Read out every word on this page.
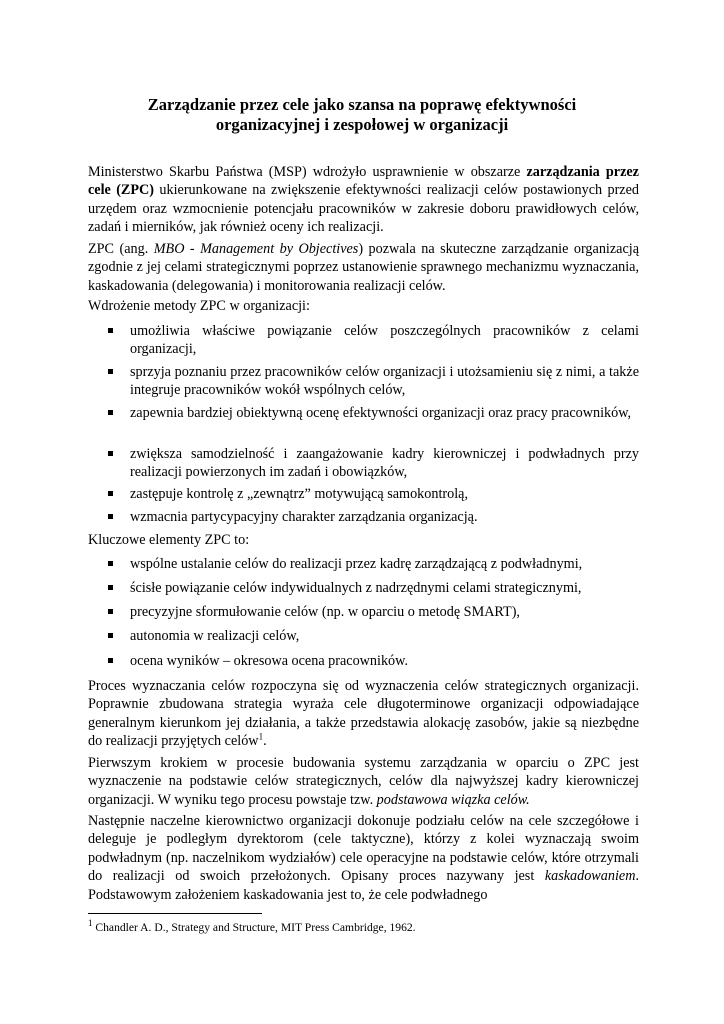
Zarządzanie przez cele jako szansa na poprawę efektywności
organizacyjnej i zespołowej w organizacji

Ministerstwo Skarbu Państwa (MSP) wdrożyło usprawnienie w obszarze zarządzania przez cele (ZPC) ukierunkowane na zwiększenie efektywności realizacji celów postawionych przed urzędem oraz wzmocnienie potencjału pracowników w zakresie doboru prawidłowych celów, zadań i mierników, jak również oceny ich realizacji.

ZPC (ang. MBO - Management by Objectives) pozwala na skuteczne zarządzanie organizacją zgodnie z jej celami strategicznymi poprzez ustanowienie sprawnego mechanizmu wyznaczania, kaskadowania (delegowania) i monitorowania realizacji celów.

Wdrożenie metody ZPC w organizacji:

umożliwia właściwe powiązanie celów poszczególnych pracowników z celami organizacji,
sprzyja poznaniu przez pracowników celów organizacji i utożsamieniu się z nimi, a także integruje pracowników wokół wspólnych celów,
zapewnia bardziej obiektywną ocenę efektywności organizacji oraz pracy pracowników,
zwiększa samodzielność i zaangażowanie kadry kierowniczej i podwładnych przy realizacji powierzonych im zadań i obowiązków,
zastępuje kontrolę z „zewnątrz” motywującą samokontrolą,
wzmacnia partycypacyjny charakter zarządzania organizacją.

Kluczowe elementy ZPC to:

wspólne ustalanie celów do realizacji przez kadrę zarządzającą z podwładnymi,
ścisłe powiązanie celów indywidualnych z nadrzędnymi celami strategicznymi,
precyzyjne sformułowanie celów (np. w oparciu o metodę SMART),
autonomia w realizacji celów,
ocena wyników – okresowa ocena pracowników.

Proces wyznaczania celów rozpoczyna się od wyznaczenia celów strategicznych organizacji. Poprawnie zbudowana strategia wyraża cele długoterminowe organizacji odpowiadające generalnym kierunkom jej działania, a także przedstawia alokację zasobów, jakie są niezbędne do realizacji przyjętych celów$^1$.

Pierwszym krokiem w procesie budowania systemu zarządzania w oparciu o ZPC jest wyznaczenie na podstawie celów strategicznych, celów dla najwyższej kadry kierowniczej organizacji. W wyniku tego procesu powstaje tzw. podstawowa wiązka celów.

Następnie naczelne kierownictwo organizacji dokonuje podziału celów na cele szczegółowe i deleguje je podległym dyrektorom (cele taktyczne), którzy z kolei wyznaczają swoim podwładnym (np. naczelnikom wydziałów) cele operacyjne na podstawie celów, które otrzymali do realizacji od swoich przełożonych. Opisany proces nazywany jest kaskadowaniem. Podstawowym założeniem kaskadowania jest to, że cele podwładnego

$^1$ Chandler A. D., Strategy and Structure, MIT Press Cambridge, 1962.
